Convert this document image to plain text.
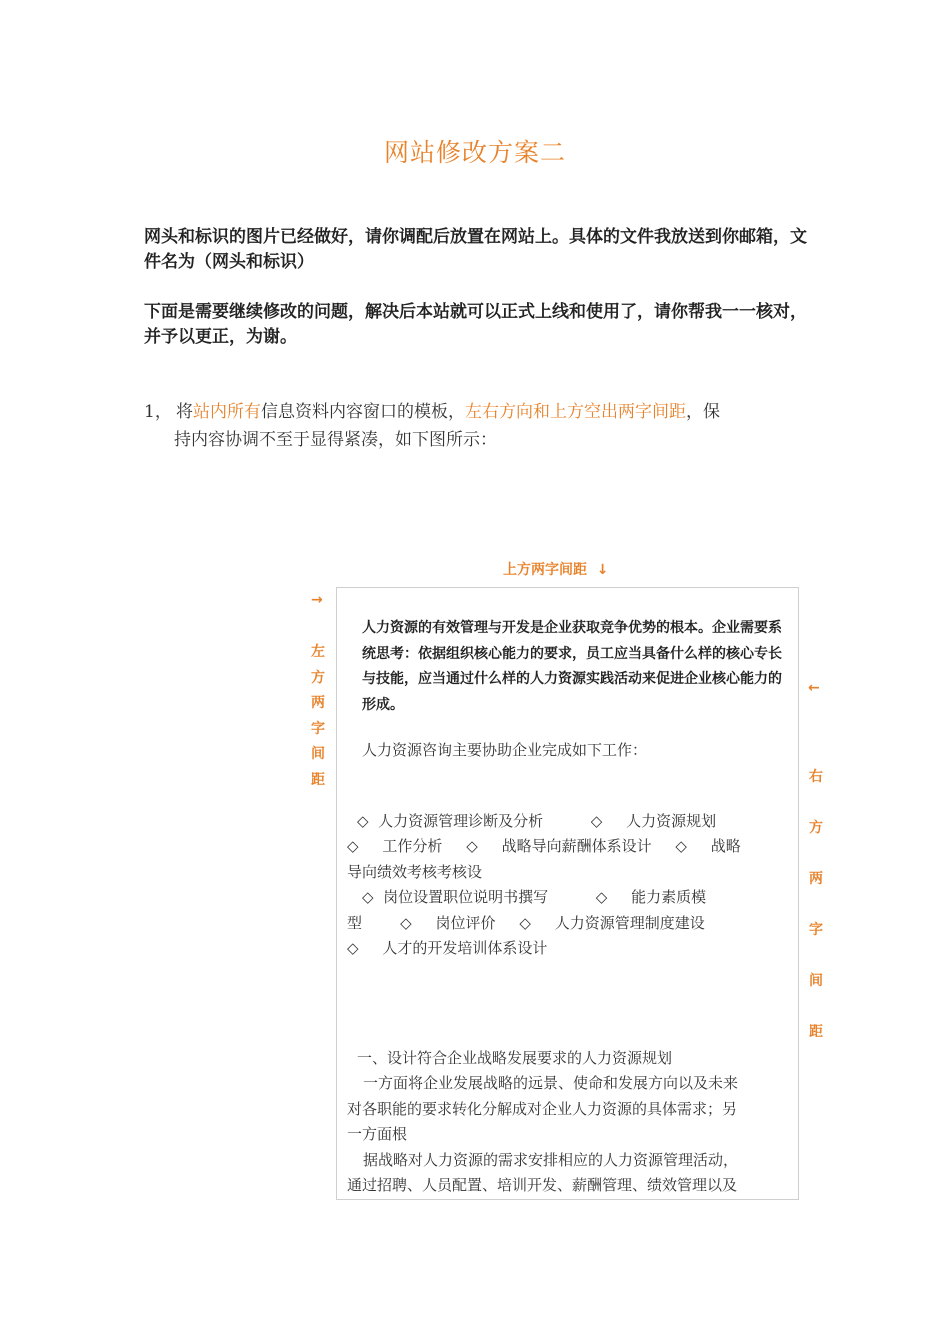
网站修改方案二
网头和标识的图片已经做好，请你调配后放置在网站上。具体的文件我放送到你邮箱，文件名为（网头和标识）
下面是需要继续修改的问题，解决后本站就可以正式上线和使用了，请你帮我一一核对，并予以更正，为谢。
1， 将站内所有信息资料内容窗口的模板，左右方向和上方空出两字间距，保
持内容协调不至于显得紧凑，如下图所示：
上方两字间距 ↓
→
左
方
两
字
间
距
←
右
方
两
字
间
距
人力资源的有效管理与开发是企业获取竞争优势的根本。企业需要系统思考：依据组织核心能力的要求，员工应当具备什么样的核心专长与技能，应当通过什么样的人力资源实践活动来促进企业核心能力的形成。
人力资源咨询主要协助企业完成如下工作：
◇  人力资源管理诊断及分析          ◇     人力资源规划
◇     工作分析     ◇     战略导向薪酬体系设计     ◇     战略
导向绩效考核考核设
◇  岗位设置职位说明书撰写          ◇     能力素质模
型        ◇     岗位评价     ◇     人力资源管理制度建设
◇     人才的开发培训体系设计
一、设计符合企业战略发展要求的人力资源规划
一方面将企业发展战略的远景、使命和发展方向以及未来
对各职能的要求转化分解成对企业人力资源的具体需求；另
一方面根
据战略对人力资源的需求安排相应的人力资源管理活动，
通过招聘、人员配置、培训开发、薪酬管理、绩效管理以及
